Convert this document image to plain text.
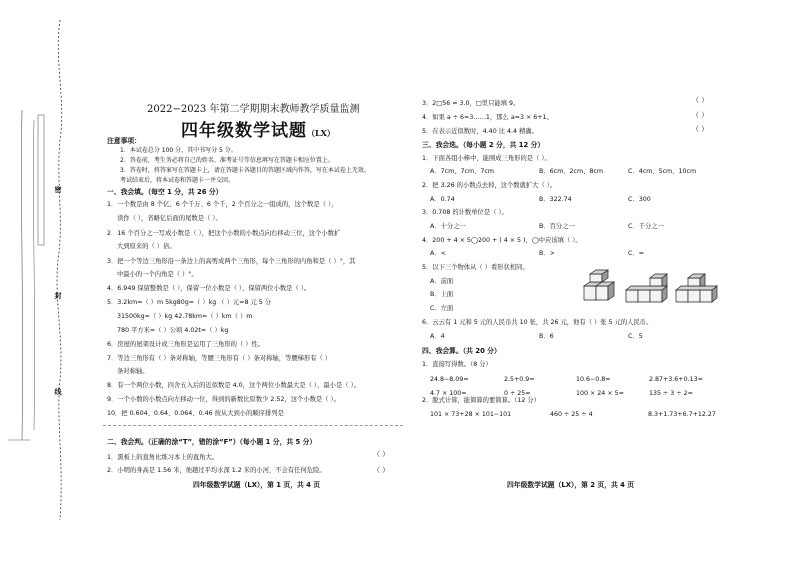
密
封
线
2022−2023 年第二学期期末教师教学质量监测
四年级数学试题（LX）
注意事项：
1．本试卷总分 100 分，其中书写分 5 分。
2．答卷前，考生务必将自己的姓名、准考证号等信息填写在答题卡相应位置上。
3．答卷时，将答案写在答题卡上，请在答题卡各题目的答题区域内作答，写在本试卷上无效。
考试结束后，将本试卷和答题卡一并交回。
一、我会填。（每空 1 分，共 26 分）
1．一个数是由 8 个亿、6 个千万、6 个千，2 个百分之一组成的，这个数是（ ），
读作（ ），省略亿后面的尾数是（ ）。
2．16 个百分之一写成小数是（ ），把这个小数的小数点向右移动三位，这个小数扩
大到原来的（ ）倍。
3．把一个等边三角形沿一条边上的高剪成两个三角形，每个三角形的内角和是（ ）°，其
中最小的一个内角是（ ）°。
4．6.949 保留整数是（ ），保留一位小数是（ ），保留两位小数是（ ）。
5．3.2km=（ ）m 5kg80g=（ ）kg （ ）元=8 元 5 分
31500kg=（ ）kg 42.78km=（ ）km（ ）m
780 平方米=（ ）公顷 4.02t=（ ）kg
6．房屋的屋架设计成三角形是运用了三角形的（ ）性。
7．等边三角形有（ ）条对称轴，等腰三角形有（ ）条对称轴，等腰梯形有（ ）
条对称轴。
8．有一个两位小数，四舍五入后的近似数是 4.0，这个两位小数最大是（ ），最小是（ ）。
9．一个小数的小数点向左移动一位，得到的新数比原数少 2.52，这个小数是（ ）。
10．把 0.604、0.64、0.064、0.46 按从大到小的顺序排列是
二、我会判。（正确的涂“T”，错的涂“F”）（每小题 1 分，共 5 分）
1．黑板上的直角比练习本上的直角大。	（ ）
2．小明的身高是 1.56 米，他趟过平均水深 1.2 米的小河，不会有任何危险。	（ ）
四年级数学试题（LX），第 1 页，共 4 页
3．2□56 ≈ 3.0，□里只能填 9。	（ ）
4．如果 a ÷ 6=3……1，那么 a=3 × 6+1。	（ ）
5．在表示近似数时，4.40 比 4.4 精确。	（ ）
三、我会选。（每小题 2 分，共 12 分）
1．下面各组小棒中，能围成三角形的是（ ）。
A．7cm、7cm、7cm	B．6cm、2cm、8cm	C．4cm、5cm、10cm
2．把 3.26 的小数点去掉，这个数就扩大（ ）。
A．0.74	B．322.74	C．300
3．0.708 的计数单位是（ ）。
A．十分之一	B．百分之一	C．千分之一
4．200 + 4 × 5◯200 + ( 4 × 5 )，◯中应该填（ ）。
A．<	B．>	C．=
5．以下三个物体从（ ）看形状相同。
A．前面
B．上面
C．左面
6．云云有 1 元和 5 元的人民币共 10 张，共 26 元，他有（ ）张 5 元的人民币。
A．4	B．6	C．5
四、我会算。（共 20 分）
1．直接写得数。（8 分）
24.8−8.09=	2.5+0.9=	10.6−0.8=	2.87+3.6+0.13=
4.7 × 100=	0 ÷ 25=	100 × 24 × 5=	135 ÷ 3 ÷ 2=
2．脱式计算，能简算的要简算。（12 分）
101 × 73+28 × 101−101	460 ÷ 25 ÷ 4	8.3+1.73+6.7+12.27
四年级数学试题（LX），第 2 页，共 4 页
